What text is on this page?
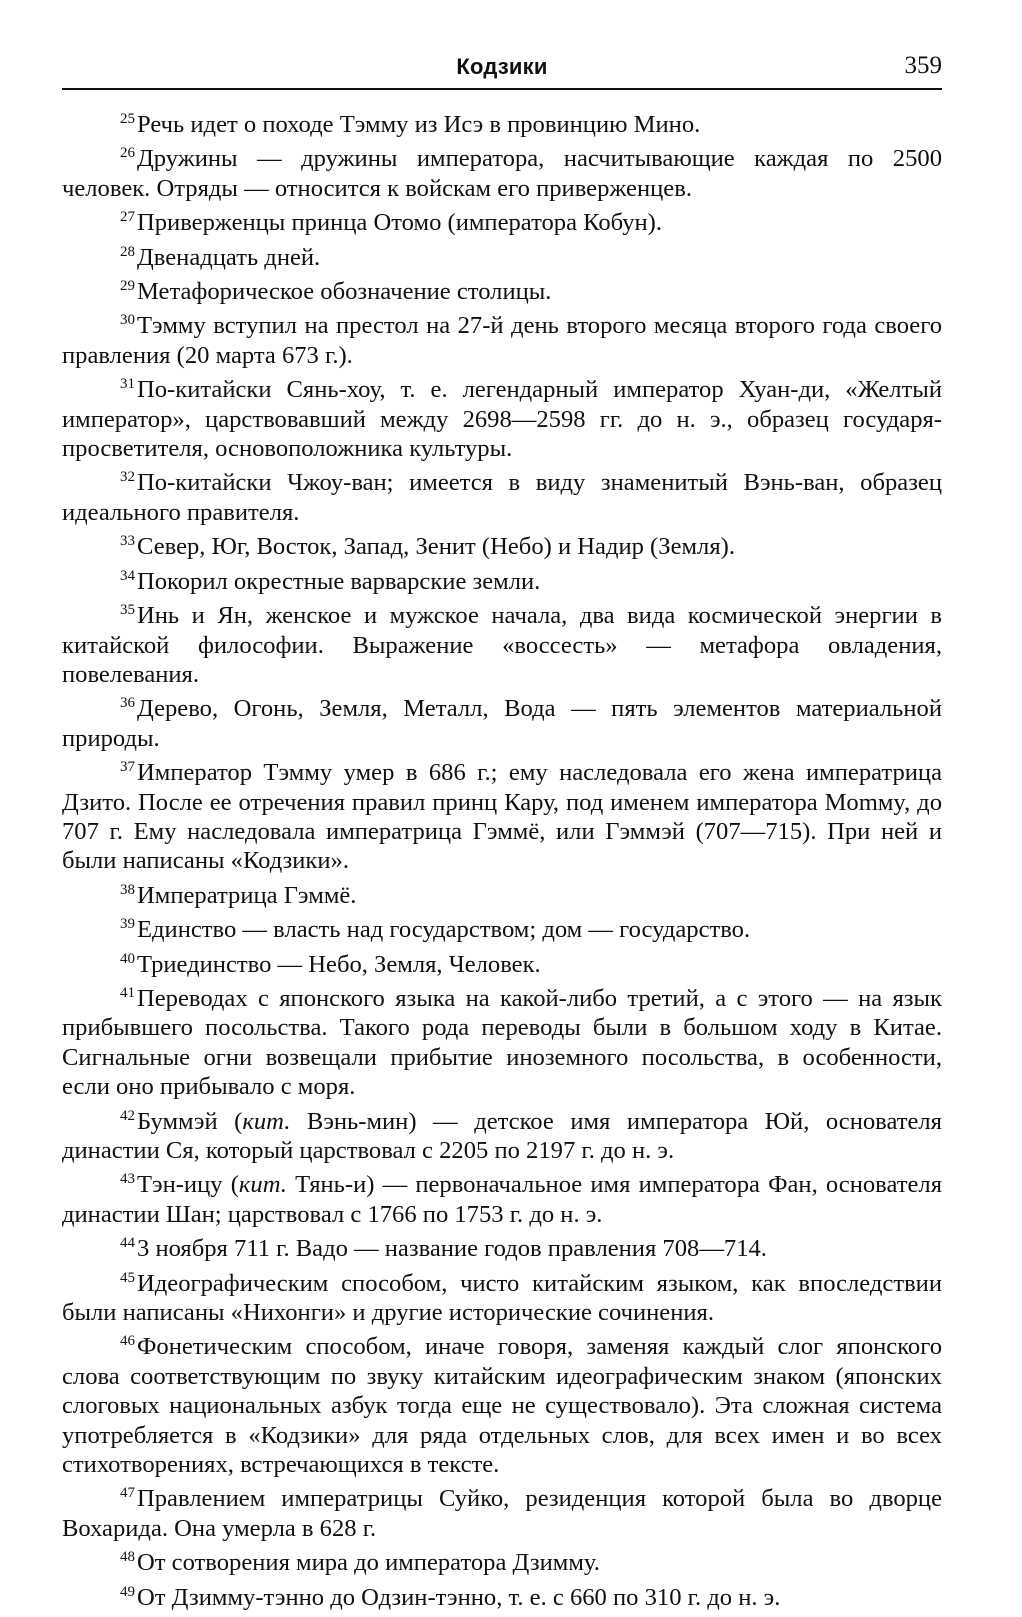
Кодзики	359

$^{25}$Речь идет о походе Тэмму из Исэ в провинцию Мино.

$^{26}$Дружины — дружины императора, насчитывающие каждая по 2500 человек. Отряды — относится к войскам его приверженцев.

$^{27}$Приверженцы принца Отомо (императора Кобун).

$^{28}$Двенадцать дней.

$^{29}$Метафорическое обозначение столицы.

$^{30}$Тэмму вступил на престол на 27-й день второго месяца второго года своего правления (20 марта 673 г.).

$^{31}$По-китайски Сянь-хоу, т. е. легендарный император Хуан-ди, «Желтый император», царствовавший между 2698—2598 гг. до н. э., образец государя-просветителя, основоположника культуры.

$^{32}$По-китайски Чжоу-ван; имеется в виду знаменитый Вэнь-ван, образец идеального правителя.

$^{33}$Север, Юг, Восток, Запад, Зенит (Небо) и Надир (Земля).

$^{34}$Покорил окрестные варварские земли.

$^{35}$Инь и Ян, женское и мужское начала, два вида космической энергии в китайской философии. Выражение «воссесть» — метафора овладения, повелевания.

$^{36}$Дерево, Огонь, Земля, Металл, Вода — пять элементов материальной природы.

$^{37}$Император Тэмму умер в 686 г.; ему наследовала его жена императрица Дзито. После ее отречения правил принц Кару, под именем императора Momмy, до 707 г. Ему наследовала императрица Гэммё, или Гэммэй (707—715). При ней и были написаны «Кодзики».

$^{38}$Императрица Гэммё.

$^{39}$Единство — власть над государством; дом — государство.

$^{40}$Триединство — Небо, Земля, Человек.

$^{41}$Переводах с японского языка на какой-либо третий, а с этого — на язык прибывшего посольства. Такого рода переводы были в большом ходу в Китае. Сигнальные огни возвещали прибытие иноземного посольства, в особенности, если оно прибывало с моря.

$^{42}$Буммэй (кит. Вэнь-мин) — детское имя императора Юй, основателя династии Ся, который царствовал с 2205 по 2197 г. до н. э.

$^{43}$Тэн-ицу (кит. Тянь-и) — первоначальное имя императора Фан, основателя династии Шан; царствовал с 1766 по 1753 г. до н. э.

$^{44}$3 ноября 711 г. Вадо — название годов правления 708—714.

$^{45}$Идеографическим способом, чисто китайским языком, как впоследствии были написаны «Нихонги» и другие исторические сочинения.

$^{46}$Фонетическим способом, иначе говоря, заменяя каждый слог японского слова соответствующим по звуку китайским идеографическим знаком (японских слоговых национальных азбук тогда еще не существовало). Эта сложная система употребляется в «Кодзики» для ряда отдельных слов, для всех имен и во всех стихотворениях, встречающихся в тексте.

$^{47}$Правлением императрицы Суйко, резиденция которой была во дворце Вохарида. Она умерла в 628 г.

$^{48}$От сотворения мира до императора Дзимму.

$^{49}$От Дзимму-тэнно до Одзин-тэнно, т. е. с 660 по 310 г. до н. э.
